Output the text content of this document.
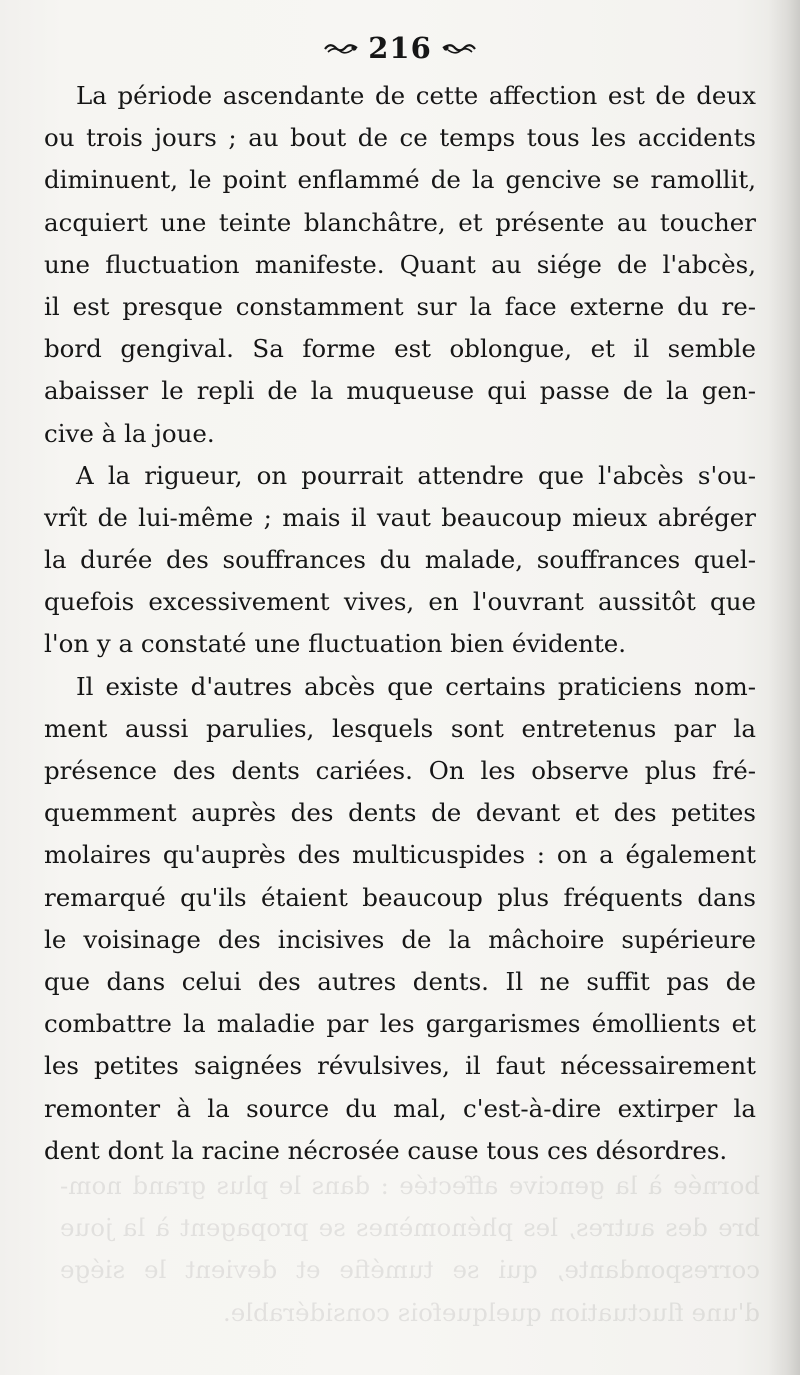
216
La période ascendante de cette affection est de deux
ou trois jours ; au bout de ce temps tous les accidents
diminuent, le point enflammé de la gencive se ramollit,
acquiert une teinte blanchâtre, et présente au toucher
une fluctuation manifeste. Quant au siége de l'abcès,
il est presque constamment sur la face externe du re-
bord gengival. Sa forme est oblongue, et il semble
abaisser le repli de la muqueuse qui passe de la gen-
cive à la joue.
A la rigueur, on pourrait attendre que l'abcès s'ou-
vrît de lui-même ; mais il vaut beaucoup mieux abréger
la durée des souffrances du malade, souffrances quel-
quefois excessivement vives, en l'ouvrant aussitôt que
l'on y a constaté une fluctuation bien évidente.
Il existe d'autres abcès que certains praticiens nom-
ment aussi parulies, lesquels sont entretenus par la
présence des dents cariées. On les observe plus fré-
quemment auprès des dents de devant et des petites
molaires qu'auprès des multicuspides : on a également
remarqué qu'ils étaient beaucoup plus fréquents dans
le voisinage des incisives de la mâchoire supérieure
que dans celui des autres dents. Il ne suffit pas de
combattre la maladie par les gargarismes émollients et
les petites saignées révulsives, il faut nécessairement
remonter à la source du mal, c'est-à-dire extirper la
dent dont la racine nécrosée cause tous ces désordres.
bornée à la gencive affectée : dans le plus grand nom-
bre des autres, les phénomènes se propagent à la joue
correspondante, qui se tuméfie et devient le siége
d'une fluctuation quelquefois considérable.
